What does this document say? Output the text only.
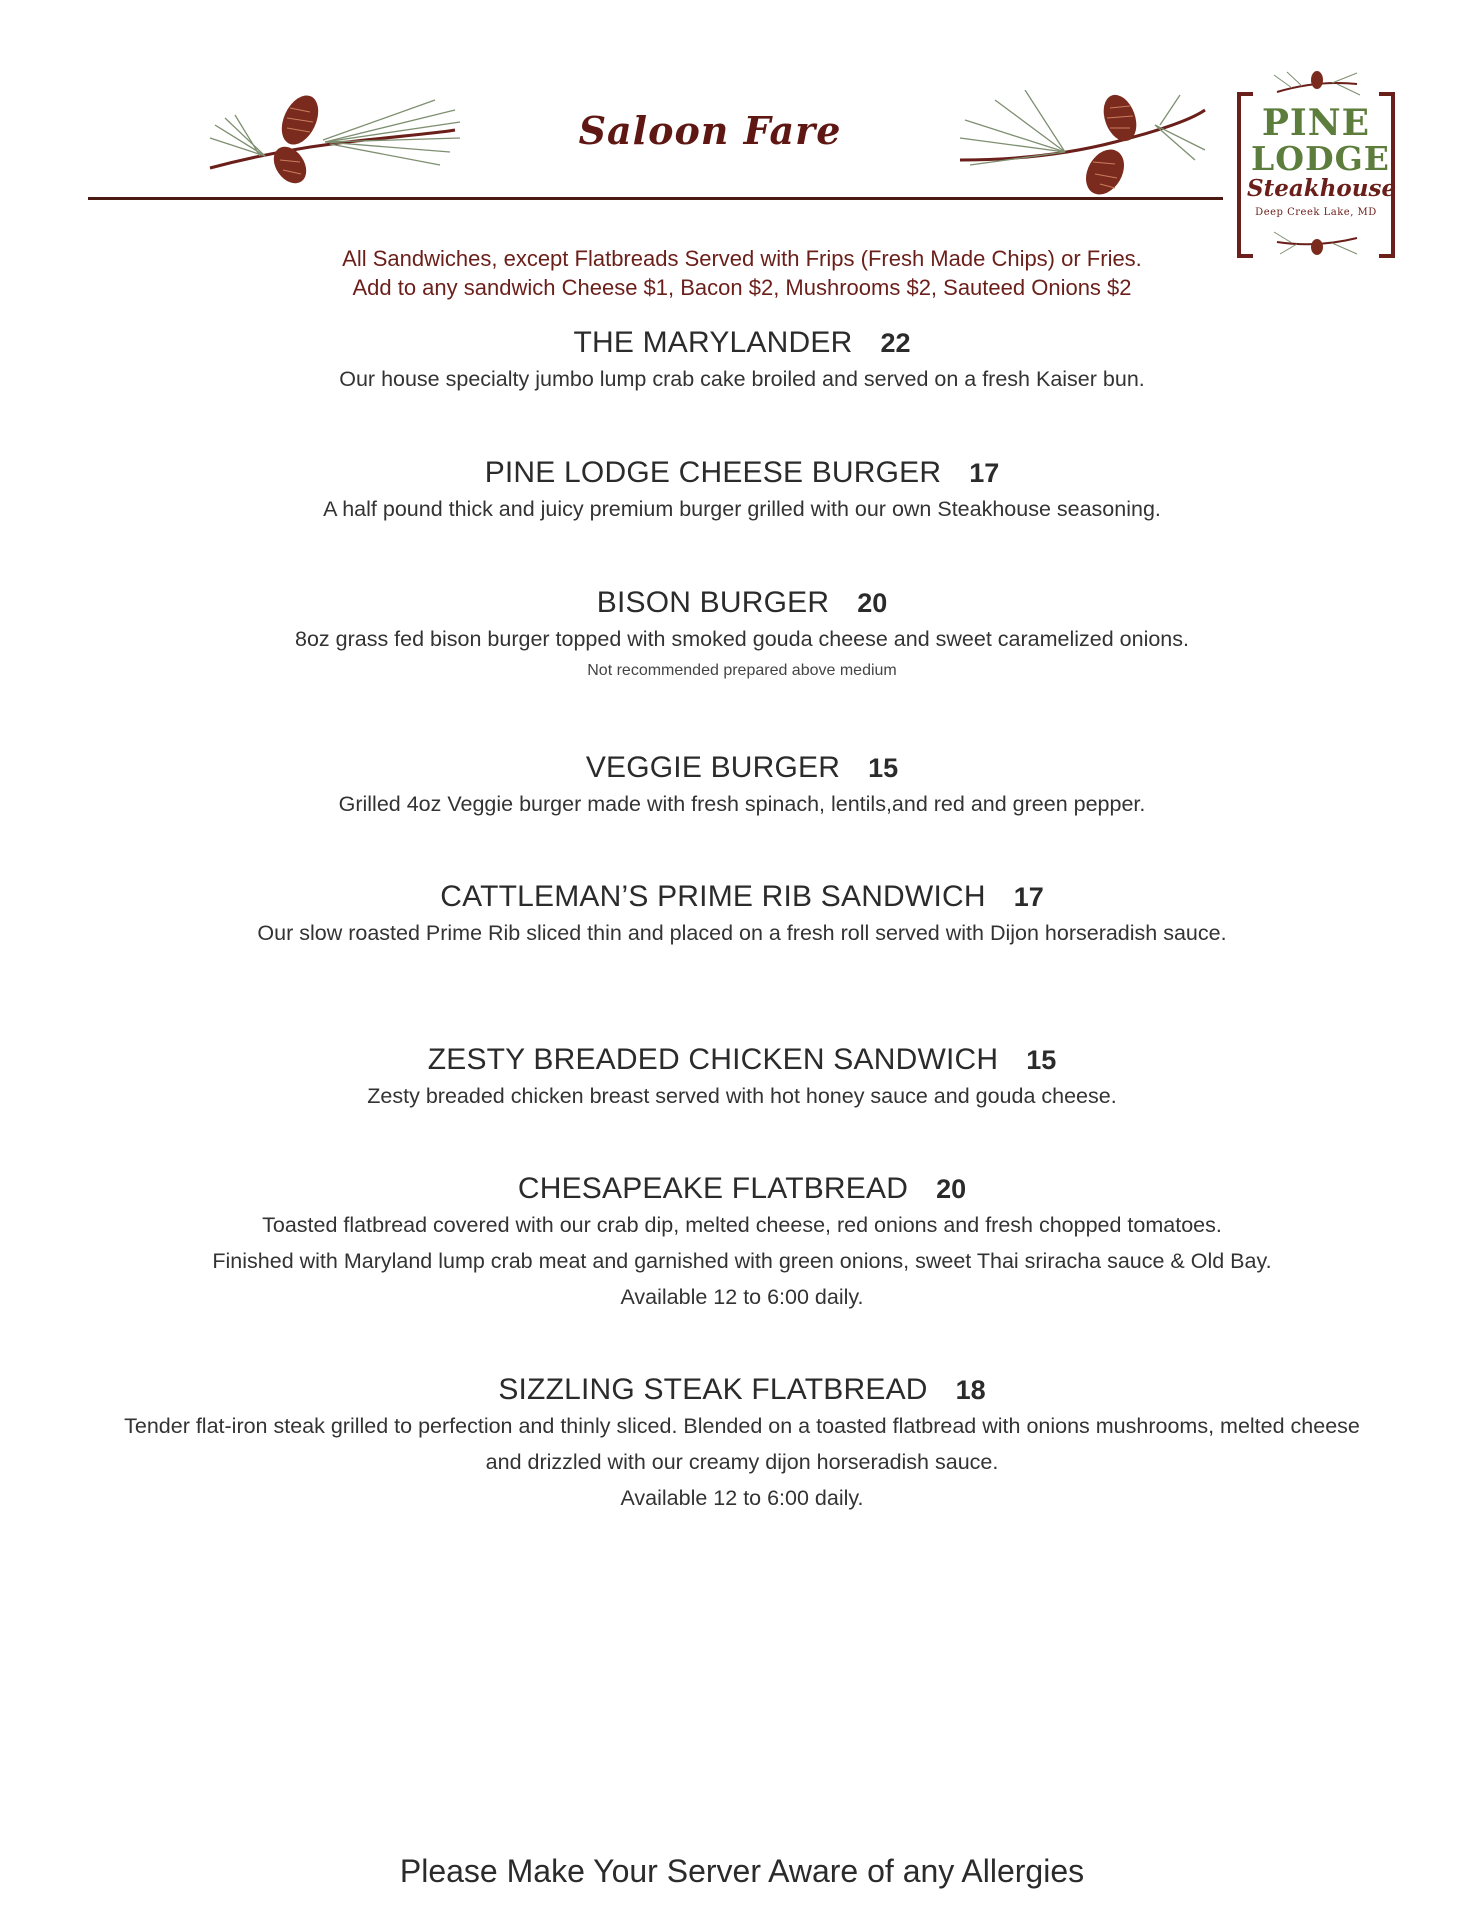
Saloon Fare	PINE
LODGE
Steakhouse
Deep Creek Lake, MD
All Sandwiches, except Flatbreads Served with Frips (Fresh Made Chips) or Fries.
Add to any sandwich Cheese $1, Bacon $2, Mushrooms $2, Sauteed Onions $2
THE MARYLANDER 22
Our house specialty jumbo lump crab cake broiled and served on a fresh Kaiser bun.
PINE LODGE CHEESE BURGER 17
A half pound thick and juicy premium burger grilled with our own Steakhouse seasoning.
BISON BURGER 20
8oz grass fed bison burger topped with smoked gouda cheese and sweet caramelized onions.
Not recommended prepared above medium
VEGGIE BURGER 15
Grilled 4oz Veggie burger made with fresh spinach, lentils,and red and green pepper.
CATTLEMAN’S PRIME RIB SANDWICH 17
Our slow roasted Prime Rib sliced thin and placed on a fresh roll served with Dijon horseradish sauce.
ZESTY BREADED CHICKEN SANDWICH 15
Zesty breaded chicken breast served with hot honey sauce and gouda cheese.
CHESAPEAKE FLATBREAD 20
Toasted flatbread covered with our crab dip, melted cheese, red onions and fresh chopped tomatoes.
Finished with Maryland lump crab meat and garnished with green onions, sweet Thai sriracha sauce & Old Bay.
Available 12 to 6:00 daily.
SIZZLING STEAK FLATBREAD 18
Tender flat-iron steak grilled to perfection and thinly sliced. Blended on a toasted flatbread with onions mushrooms, melted cheese
and drizzled with our creamy dijon horseradish sauce.
Available 12 to 6:00 daily.
Please Make Your Server Aware of any Allergies
